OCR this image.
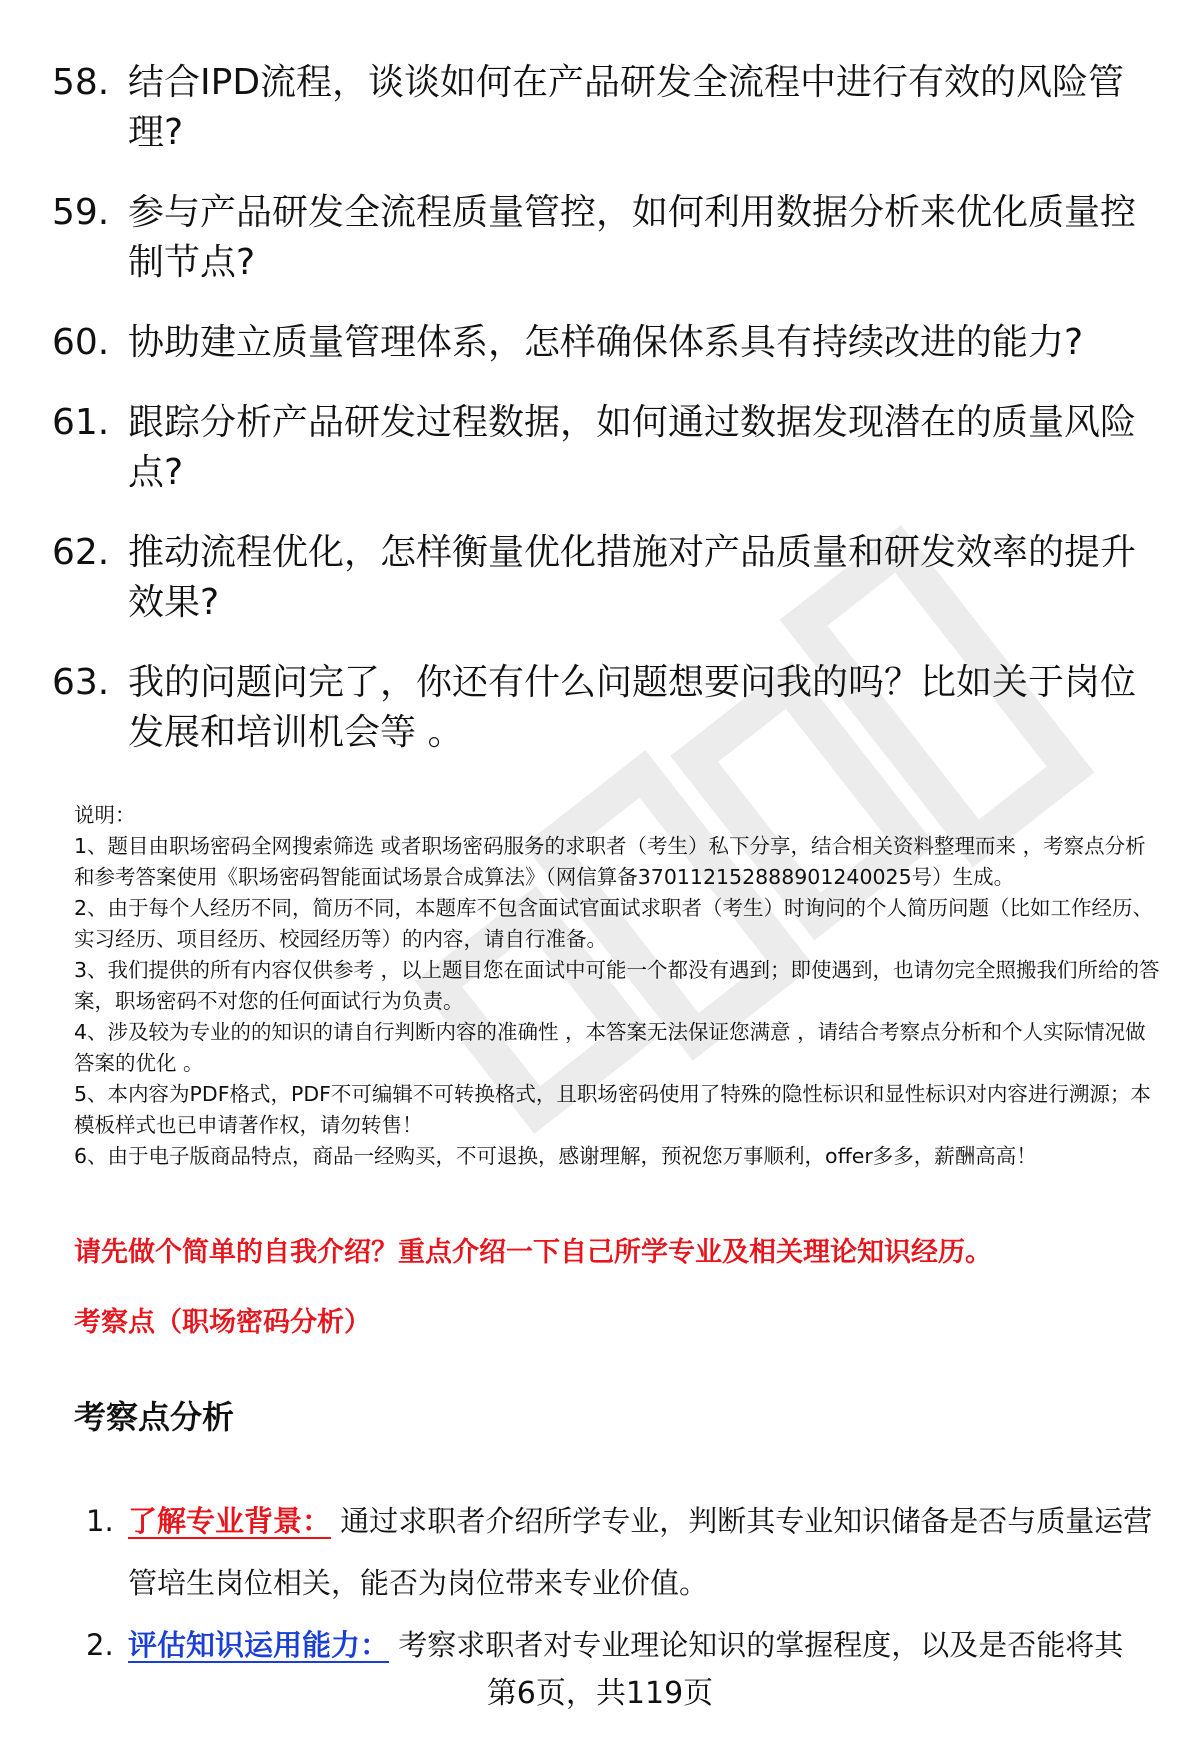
58. 结合IPD流程，谈谈如何在产品研发全流程中进行有效的风险管理?
59. 参与产品研发全流程质量管控，如何利用数据分析来优化质量控制节点?
60. 协助建立质量管理体系，怎样确保体系具有持续改进的能力?
61. 跟踪分析产品研发过程数据，如何通过数据发现潜在的质量风险点?
62. 推动流程优化，怎样衡量优化措施对产品质量和研发效率的提升效果?
63. 我的问题问完了，你还有什么问题想要问我的吗？比如关于岗位发展和培训机会等 。

说明：

1、题目由职场密码全网搜索筛选 或者职场密码服务的求职者（考生）私下分享，结合相关资料整理而来 ，考察点分析和参考答案使用《职场密码智能面试场景合成算法》（网信算备370112152888901240025号）生成。

2、由于每个人经历不同，简历不同，本题库不包含面试官面试求职者（考生）时询问的个人简历问题（比如工作经历、实习经历、项目经历、校园经历等）的内容，请自行准备。

3、我们提供的所有内容仅供参考 ，以上题目您在面试中可能一个都没有遇到；即使遇到，也请勿完全照搬我们所给的答案，职场密码不对您的任何面试行为负责。

4、涉及较为专业的的知识的请自行判断内容的准确性 ，本答案无法保证您满意 ，请结合考察点分析和个人实际情况做答案的优化 。

5、本内容为PDF格式，PDF不可编辑不可转换格式，且职场密码使用了特殊的隐性标识和显性标识对内容进行溯源；本模板样式也已申请著作权，请勿转售！

6、由于电子版商品特点，商品一经购买，不可退换，感谢理解，预祝您万事顺利，offer多多，薪酬高高！

请先做个简单的自我介绍？重点介绍一下自己所学专业及相关理论知识经历。
考察点（职场密码分析）
考察点分析
1. 了解专业背景： 通过求职者介绍所学专业，判断其专业知识储备是否与质量运营管培生岗位相关，能否为岗位带来专业价值。
2. 评估知识运用能力： 考察求职者对专业理论知识的掌握程度，以及是否能将其
第6页，共119页
